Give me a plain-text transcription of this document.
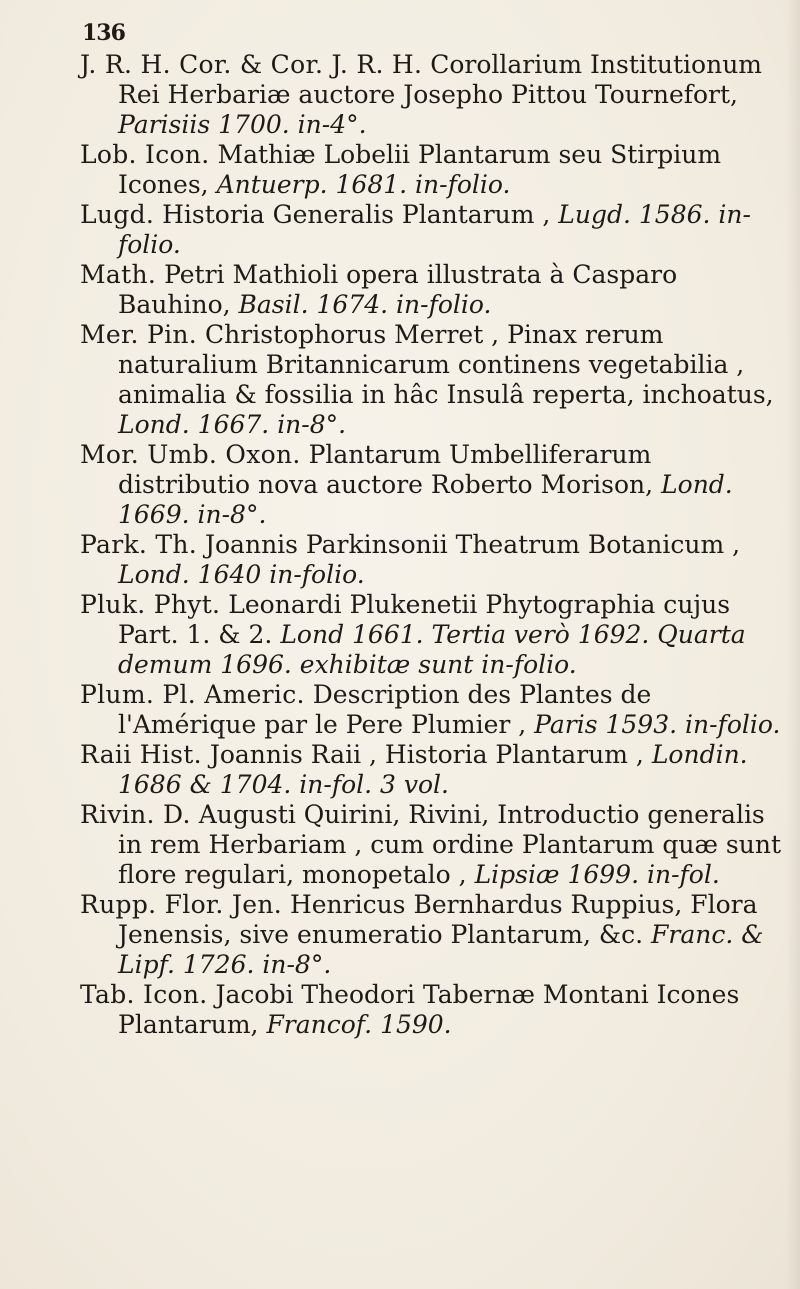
136

J. R. H. Cor. & Cor. J. R. H. Corollarium Institutionum Rei Herbariæ auctore Josepho Pittou Tournefort, Parisiis 1700. in-4°.

Lob. Icon. Mathiæ Lobelii Plantarum seu Stirpium Icones, Antuerp. 1681. in-folio.

Lugd. Historia Generalis Plantarum , Lugd. 1586. in-folio.

Math. Petri Mathioli opera illustrata à Casparo Bauhino, Basil. 1674. in-folio.

Mer. Pin. Christophorus Merret , Pinax rerum naturalium Britannicarum continens vegetabilia , animalia & fossilia in hâc Insulâ reperta, inchoatus, Lond. 1667. in-8°.

Mor. Umb. Oxon. Plantarum Umbelliferarum distributio nova auctore Roberto Morison, Lond. 1669. in-8°.

Park. Th. Joannis Parkinsonii Theatrum Botanicum , Lond. 1640 in-folio.

Pluk. Phyt. Leonardi Plukenetii Phytographia cujus Part. 1. & 2. Lond 1661. Tertia verò 1692. Quarta demum 1696. exhibitæ sunt in-folio.

Plum. Pl. Americ. Description des Plantes de l'Amérique par le Pere Plumier , Paris 1593. in-folio.

Raii Hist. Joannis Raii , Historia Plantarum , Londin. 1686 & 1704. in-fol. 3 vol.

Rivin. D. Augusti Quirini, Rivini, Introductio generalis in rem Herbariam , cum ordine Plantarum quæ sunt flore regulari, monopetalo , Lipsiæ 1699. in-fol.

Rupp. Flor. Jen. Henricus Bernhardus Ruppius, Flora Jenensis, sive enumeratio Plantarum, &c. Franc. & Lipf. 1726. in-8°.

Tab. Icon. Jacobi Theodori Tabernæ Montani Icones Plantarum, Francof. 1590.
